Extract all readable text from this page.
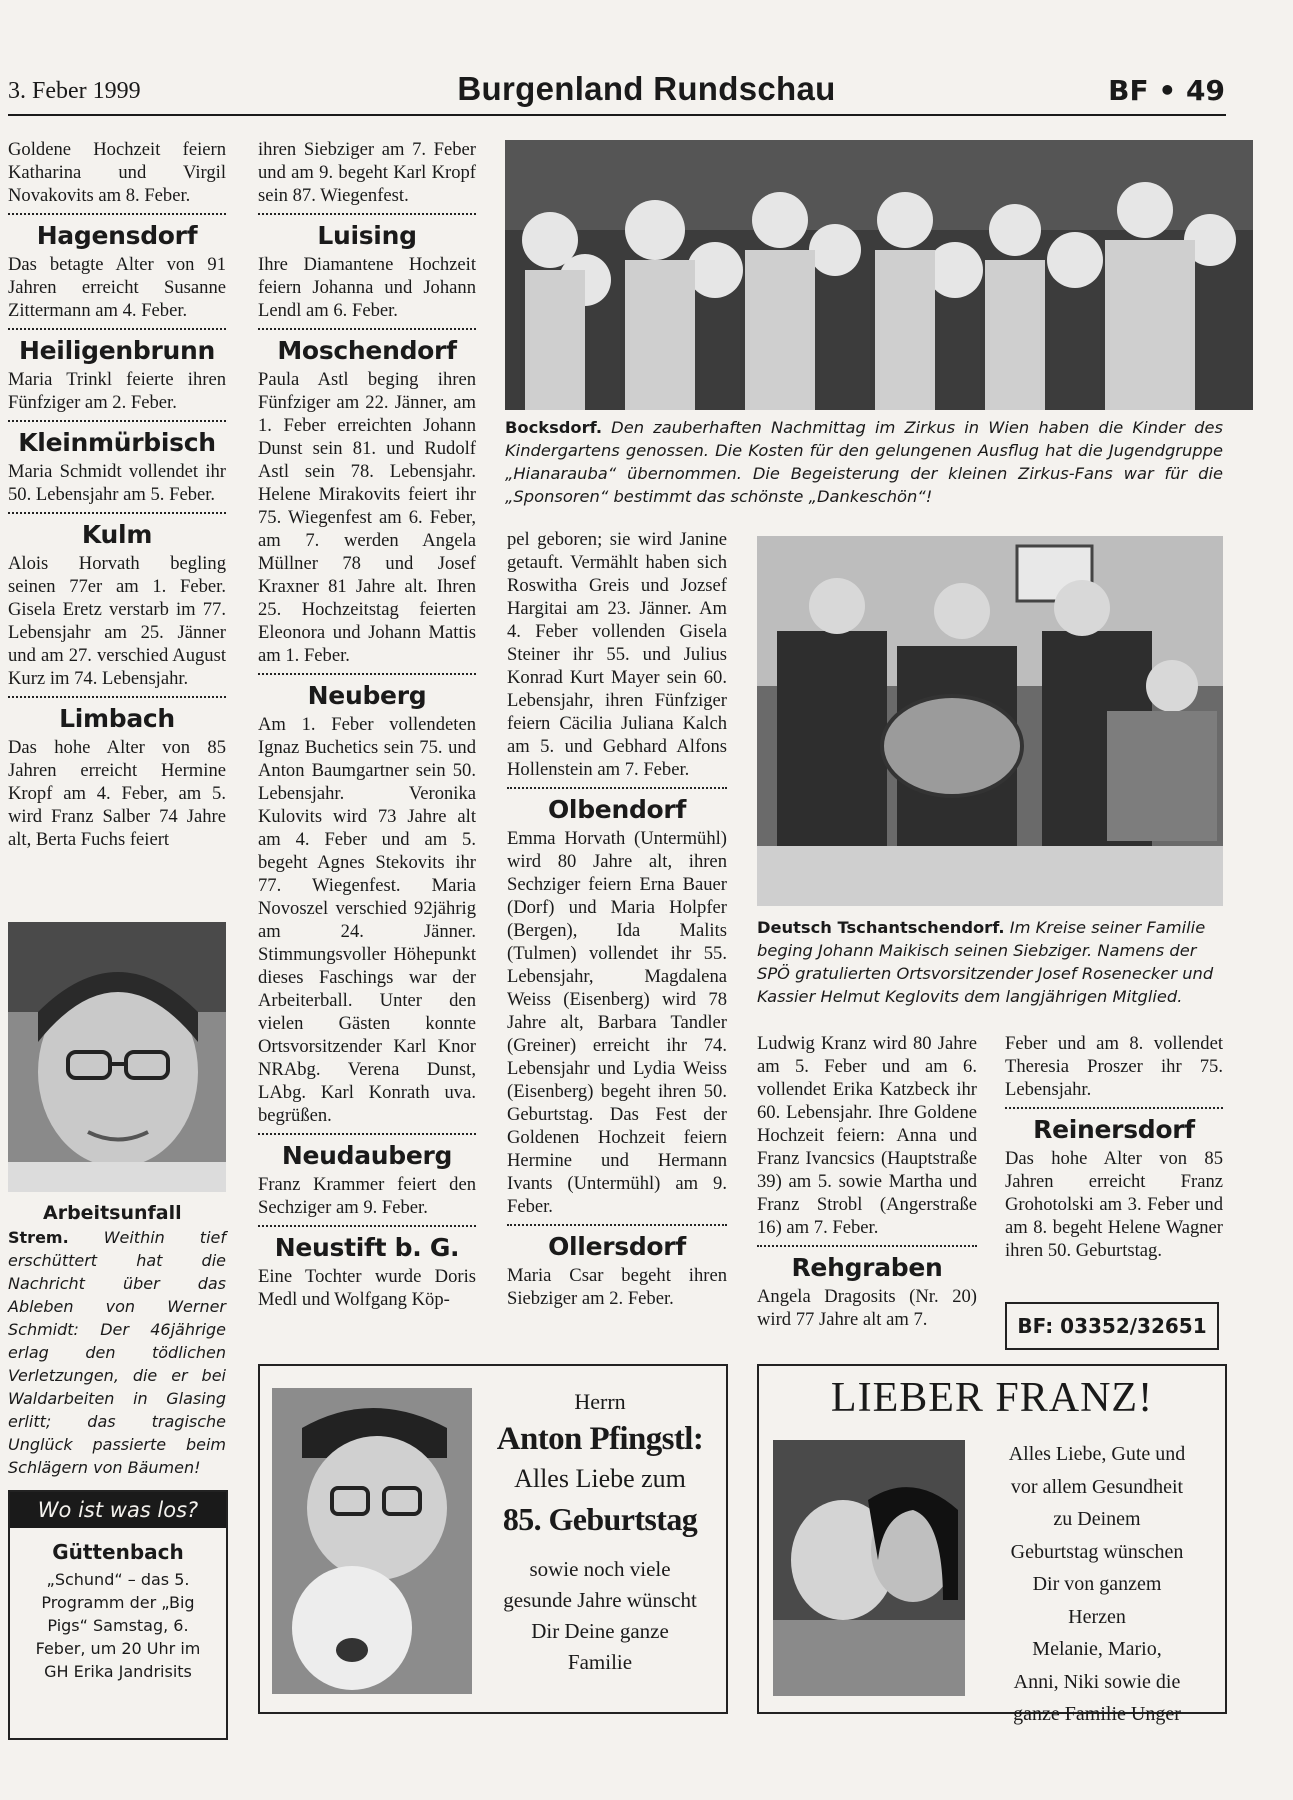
3. Feber 1999	Burgenland Rundschau	BF • 49

Goldene Hochzeit feiern Katharina und Virgil Novakovits am 8. Feber.

Hagensdorf

Das betagte Alter von 91 Jahren erreicht Susanne Zittermann am 4. Feber.

Heiligenbrunn

Maria Trinkl feierte ihren Fünfziger am 2. Feber.

Kleinmürbisch

Maria Schmidt vollendet ihr 50. Lebensjahr am 5. Feber.

Kulm

Alois Horvath begling seinen 77er am 1. Feber. Gisela Eretz verstarb im 77. Lebensjahr am 25. Jänner und am 27. verschied August Kurz im 74. Lebensjahr.

Limbach

Das hohe Alter von 85 Jahren erreicht Hermine Kropf am 4. Feber, am 5. wird Franz Salber 74 Jahre alt, Berta Fuchs feiert

Arbeitsunfall
Strem. Weithin tief erschüttert hat die Nachricht über das Ableben von Werner Schmidt: Der 46jährige erlag den tödlichen Verletzungen, die er bei Waldarbeiten in Glasing erlitt; das tragische Unglück passierte beim Schlägern von Bäumen!
Wo ist was los?
Güttenbach
„Schund“ – das 5. Programm der „Big Pigs“ Samstag, 6. Feber, um 20 Uhr im GH Erika Jandrisits

ihren Siebziger am 7. Feber und am 9. begeht Karl Kropf sein 87. Wiegenfest.

Luising

Ihre Diamantene Hochzeit feiern Johanna und Johann Lendl am 6. Feber.

Moschendorf

Paula Astl beging ihren Fünfziger am 22. Jänner, am 1. Feber erreichten Johann Dunst sein 81. und Rudolf Astl sein 78. Lebensjahr. Helene Mirakovits feiert ihr 75. Wiegenfest am 6. Feber, am 7. werden Angela Müllner 78 und Josef Kraxner 81 Jahre alt. Ihren 25. Hochzeitstag feierten Eleonora und Johann Mattis am 1. Feber.

Neuberg

Am 1. Feber vollendeten Ignaz Buchetics sein 75. und Anton Baumgartner sein 50. Lebensjahr. Veronika Kulovits wird 73 Jahre alt am 4. Feber und am 5. begeht Agnes Stekovits ihr 77. Wiegenfest. Maria Novoszel verschied 92jährig am 24. Jänner. Stimmungsvoller Höhepunkt dieses Faschings war der Arbeiterball. Unter den vielen Gästen konnte Ortsvorsitzender Karl Knor NRAbg. Verena Dunst, LAbg. Karl Konrath uva. begrüßen.

Neudauberg

Franz Krammer feiert den Sechziger am 9. Feber.

Neustift b. G.

Eine Tochter wurde Doris Medl und Wolfgang Köp-

Bocksdorf. Den zauberhaften Nachmittag im Zirkus in Wien haben die Kinder des Kindergartens genossen. Die Kosten für den gelungenen Ausflug hat die Jugendgruppe „Hianarauba“ übernommen. Die Begeisterung der kleinen Zirkus-Fans war für die „Sponsoren“ bestimmt das schönste „Dankeschön“!

pel geboren; sie wird Janine getauft. Vermählt haben sich Roswitha Greis und Jozsef Hargitai am 23. Jänner. Am 4. Feber vollenden Gisela Steiner ihr 55. und Julius Konrad Kurt Mayer sein 60. Lebensjahr, ihren Fünfziger feiern Cäcilia Juliana Kalch am 5. und Gebhard Alfons Hollenstein am 7. Feber.

Olbendorf

Emma Horvath (Untermühl) wird 80 Jahre alt, ihren Sechziger feiern Erna Bauer (Dorf) und Maria Holpfer (Bergen), Ida Malits (Tulmen) vollendet ihr 55. Lebensjahr, Magdalena Weiss (Eisenberg) wird 78 Jahre alt, Barbara Tandler (Greiner) erreicht ihr 74. Lebensjahr und Lydia Weiss (Eisenberg) begeht ihren 50. Geburtstag. Das Fest der Goldenen Hochzeit feiern Hermine und Hermann Ivants (Untermühl) am 9. Feber.

Ollersdorf

Maria Csar begeht ihren Siebziger am 2. Feber.

Deutsch Tschantschendorf. Im Kreise seiner Familie beging Johann Maikisch seinen Siebziger. Namens der SPÖ gratulierten Ortsvorsitzender Josef Rosenecker und Kassier Helmut Keglovits dem langjährigen Mitglied.

Ludwig Kranz wird 80 Jahre am 5. Feber und am 6. vollendet Erika Katzbeck ihr 60. Lebensjahr. Ihre Goldene Hochzeit feiern: Anna und Franz Ivancsics (Hauptstraße 39) am 5. sowie Martha und Franz Strobl (Angerstraße 16) am 7. Feber.

Rehgraben

Angela Dragosits (Nr. 20) wird 77 Jahre alt am 7.

Feber und am 8. vollendet Theresia Proszer ihr 75. Lebensjahr.

Reinersdorf

Das hohe Alter von 85 Jahren erreicht Franz Grohotolski am 3. Feber und am 8. begeht Helene Wagner ihren 50. Geburtstag.

BF: 03352/32651
Herrn
Anton Pfingstl:
Alles Liebe zum
85. Geburtstag
sowie noch viele
gesunde Jahre wünscht
Dir Deine ganze
Familie
LIEBER FRANZ!
Alles Liebe, Gute und
vor allem Gesundheit
zu Deinem
Geburtstag wünschen
Dir von ganzem
Herzen
Melanie, Mario,
Anni, Niki sowie die
ganze Familie Unger
